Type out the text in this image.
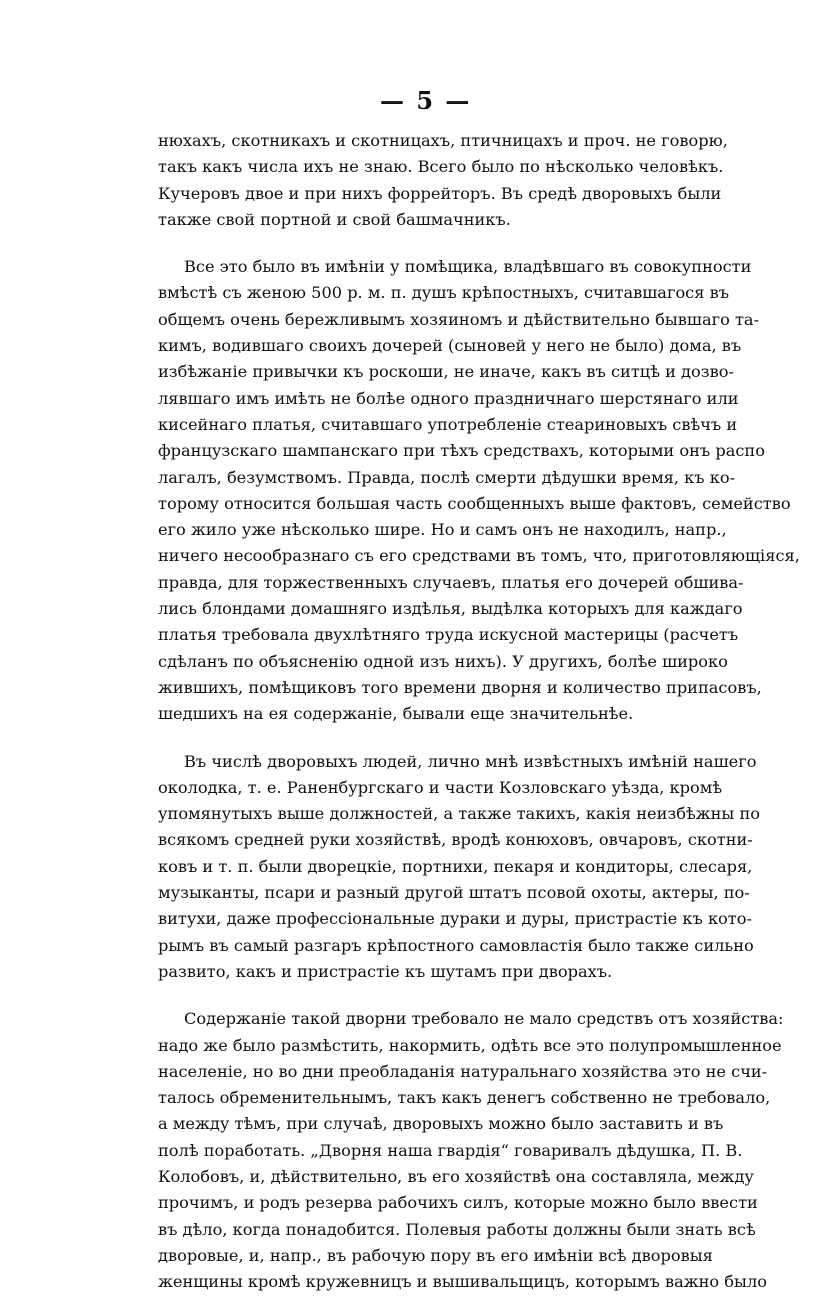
— 5 —
нюхахъ, скотникахъ и скотницахъ, птичницахъ и проч. не говорю,
такъ какъ числа ихъ не знаю. Всего было по нѣсколько человѣкъ.
Кучеровъ двое и при нихъ форрейторъ. Въ средѣ дворовыхъ были
также свой портной и свой башмачникъ.
Все это было въ имѣніи у помѣщика, владѣвшаго въ совокупности
вмѣстѣ съ женою 500 р. м. п. душъ крѣпостныхъ, считавшагося въ
общемъ очень бережливымъ хозяиномъ и дѣйствительно бывшаго та-
кимъ, водившаго своихъ дочерей (сыновей у него не было) дома, въ
избѣжаніе привычки къ роскоши, не иначе, какъ въ ситцѣ и дозво-
лявшаго имъ имѣть не болѣе одного праздничнаго шерстянаго или
кисейнаго платья, считавшаго употребленіе стеариновыхъ свѣчъ и
французскаго шампанскаго при тѣхъ средствахъ, которыми онъ распо
лагалъ, безумствомъ. Правда, послѣ смерти дѣдушки время, къ ко-
торому относится большая часть сообщенныхъ выше фактовъ, семейство
его жило уже нѣсколько шире. Но и самъ онъ не находилъ, напр.,
ничего несообразнаго съ его средствами въ томъ, что, приготовляющіяся,
правда, для торжественныхъ случаевъ, платья его дочерей обшива-
лись блондами домашняго издѣлья, выдѣлка которыхъ для каждаго
платья требовала двухлѣтняго труда искусной мастерицы (расчетъ
сдѣланъ по объясненію одной изъ нихъ). У другихъ, болѣе широко
жившихъ, помѣщиковъ того времени дворня и количество припасовъ,
шедшихъ на ея содержаніе, бывали еще значительнѣе.
Въ числѣ дворовыхъ людей, лично мнѣ извѣстныхъ имѣній нашего
околодка, т. е. Раненбургскаго и части Козловскаго уѣзда, кромѣ
упомянутыхъ выше должностей, а также такихъ, какія неизбѣжны по
всякомъ средней руки хозяйствѣ, вродѣ конюховъ, овчаровъ, скотни-
ковъ и т. п. были дворецкіе, портнихи, пекаря и кондиторы, слесаря,
музыканты, псари и разный другой штатъ псовой охоты, актеры, по-
витухи, даже профессіональные дураки и дуры, пристрастіе къ кото-
рымъ въ самый разгаръ крѣпостного самовластія было также сильно
развито, какъ и пристрастіе къ шутамъ при дворахъ.
Содержаніе такой дворни требовало не мало средствъ отъ хозяйства:
надо же было размѣстить, накормить, одѣть все это полупромышленное
населеніе, но во дни преобладанія натуральнаго хозяйства это не счи-
талось обременительнымъ, такъ какъ денегъ собственно не требовало,
а между тѣмъ, при случаѣ, дворовыхъ можно было заставить и въ
полѣ поработать. „Дворня наша гвардія“ говаривалъ дѣдушка, П. В.
Колобовъ, и, дѣйствительно, въ его хозяйствѣ она составляла, между
прочимъ, и родъ резерва рабочихъ силъ, которые можно было ввести
въ дѣло, когда понадобится. Полевыя работы должны были знать всѣ
дворовые, и, напр., въ рабочую пору въ его имѣніи всѣ дворовыя
женщины кромѣ кружевницъ и вышивальщицъ, которымъ важно было
